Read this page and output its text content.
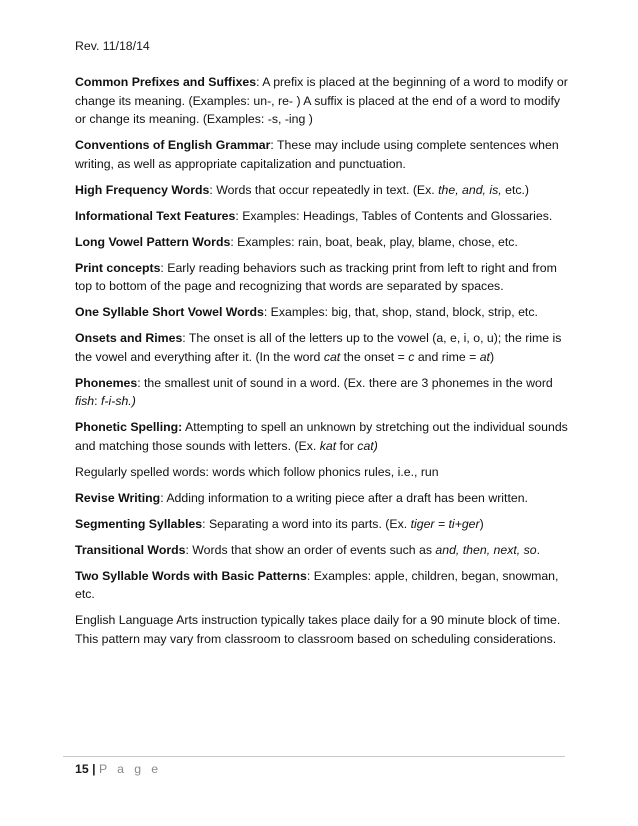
Rev. 11/18/14

Common Prefixes and Suffixes: A prefix is placed at the beginning of a word to modify or change its meaning. (Examples: un-, re- ) A suffix is placed at the end of a word to modify or change its meaning. (Examples: -s, -ing )

Conventions of English Grammar: These may include using complete sentences when writing, as well as appropriate capitalization and punctuation.

High Frequency Words: Words that occur repeatedly in text. (Ex. the, and, is, etc.)

Informational Text Features: Examples: Headings, Tables of Contents and Glossaries.

Long Vowel Pattern Words: Examples: rain, boat, beak, play, blame, chose, etc.

Print concepts: Early reading behaviors such as tracking print from left to right and from top to bottom of the page and recognizing that words are separated by spaces.

One Syllable Short Vowel Words: Examples: big, that, shop, stand, block, strip, etc.

Onsets and Rimes: The onset is all of the letters up to the vowel (a, e, i, o, u); the rime is the vowel and everything after it. (In the word cat the onset = c and rime = at)

Phonemes: the smallest unit of sound in a word. (Ex. there are 3 phonemes in the word fish: f-i-sh.)

Phonetic Spelling: Attempting to spell an unknown by stretching out the individual sounds and matching those sounds with letters. (Ex. kat for cat)

Regularly spelled words: words which follow phonics rules, i.e., run

Revise Writing: Adding information to a writing piece after a draft has been written.

Segmenting Syllables: Separating a word into its parts. (Ex. tiger = ti+ger)

Transitional Words: Words that show an order of events such as and, then, next, so.

Two Syllable Words with Basic Patterns: Examples: apple, children, began, snowman, etc.

English Language Arts instruction typically takes place daily for a 90 minute block of time. This pattern may vary from classroom to classroom based on scheduling considerations.

15 | P a g e
